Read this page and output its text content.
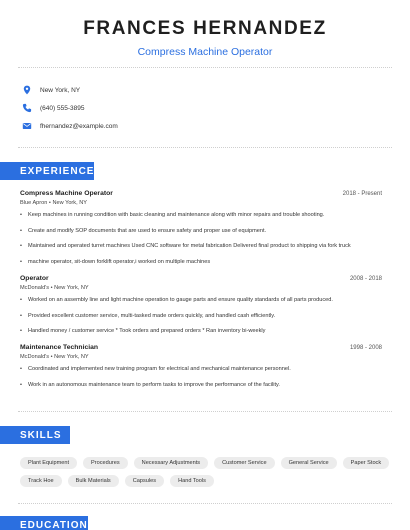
FRANCES HERNANDEZ
Compress Machine Operator
New York, NY
(640) 555-3895
fhernandez@example.com
EXPERIENCE
Compress Machine Operator	2018 - Present
Blue Apron • New York, NY
• Keep machines in running condition with basic cleaning and maintenance along with minor repairs and trouble shooting.
• Create and modify SOP documents that are used to ensure safety and proper use of equipment.
• Maintained and operated turret machines Used CNC software for metal fabrication Delivered final product to shipping via fork truck
• machine operator, sit-down forklift operator,i worked on multiple machines
Operator	2008 - 2018
McDonald's • New York, NY
• Worked on an assembly line and light machine operation to gauge parts and ensure quality standards of all parts produced.
• Provided excellent customer service, multi-tasked made orders quickly, and handled cash efficiently.
• Handled money / customer service * Took orders and prepared orders * Ran inventory bi-weekly
Maintenance Technician	1998 - 2008
McDonald's • New York, NY
• Coordinated and implemented new training program for electrical and mechanical maintenance personnel.
• Work in an autonomous maintenance team to perform tasks to improve the performance of the facility.
SKILLS
Plant Equipment	Procedures	Necessary Adjustments	Customer Service	General Service	Paper Stock
Track Hoe	Bulk Materials	Capsules	Hand Tools
EDUCATION
